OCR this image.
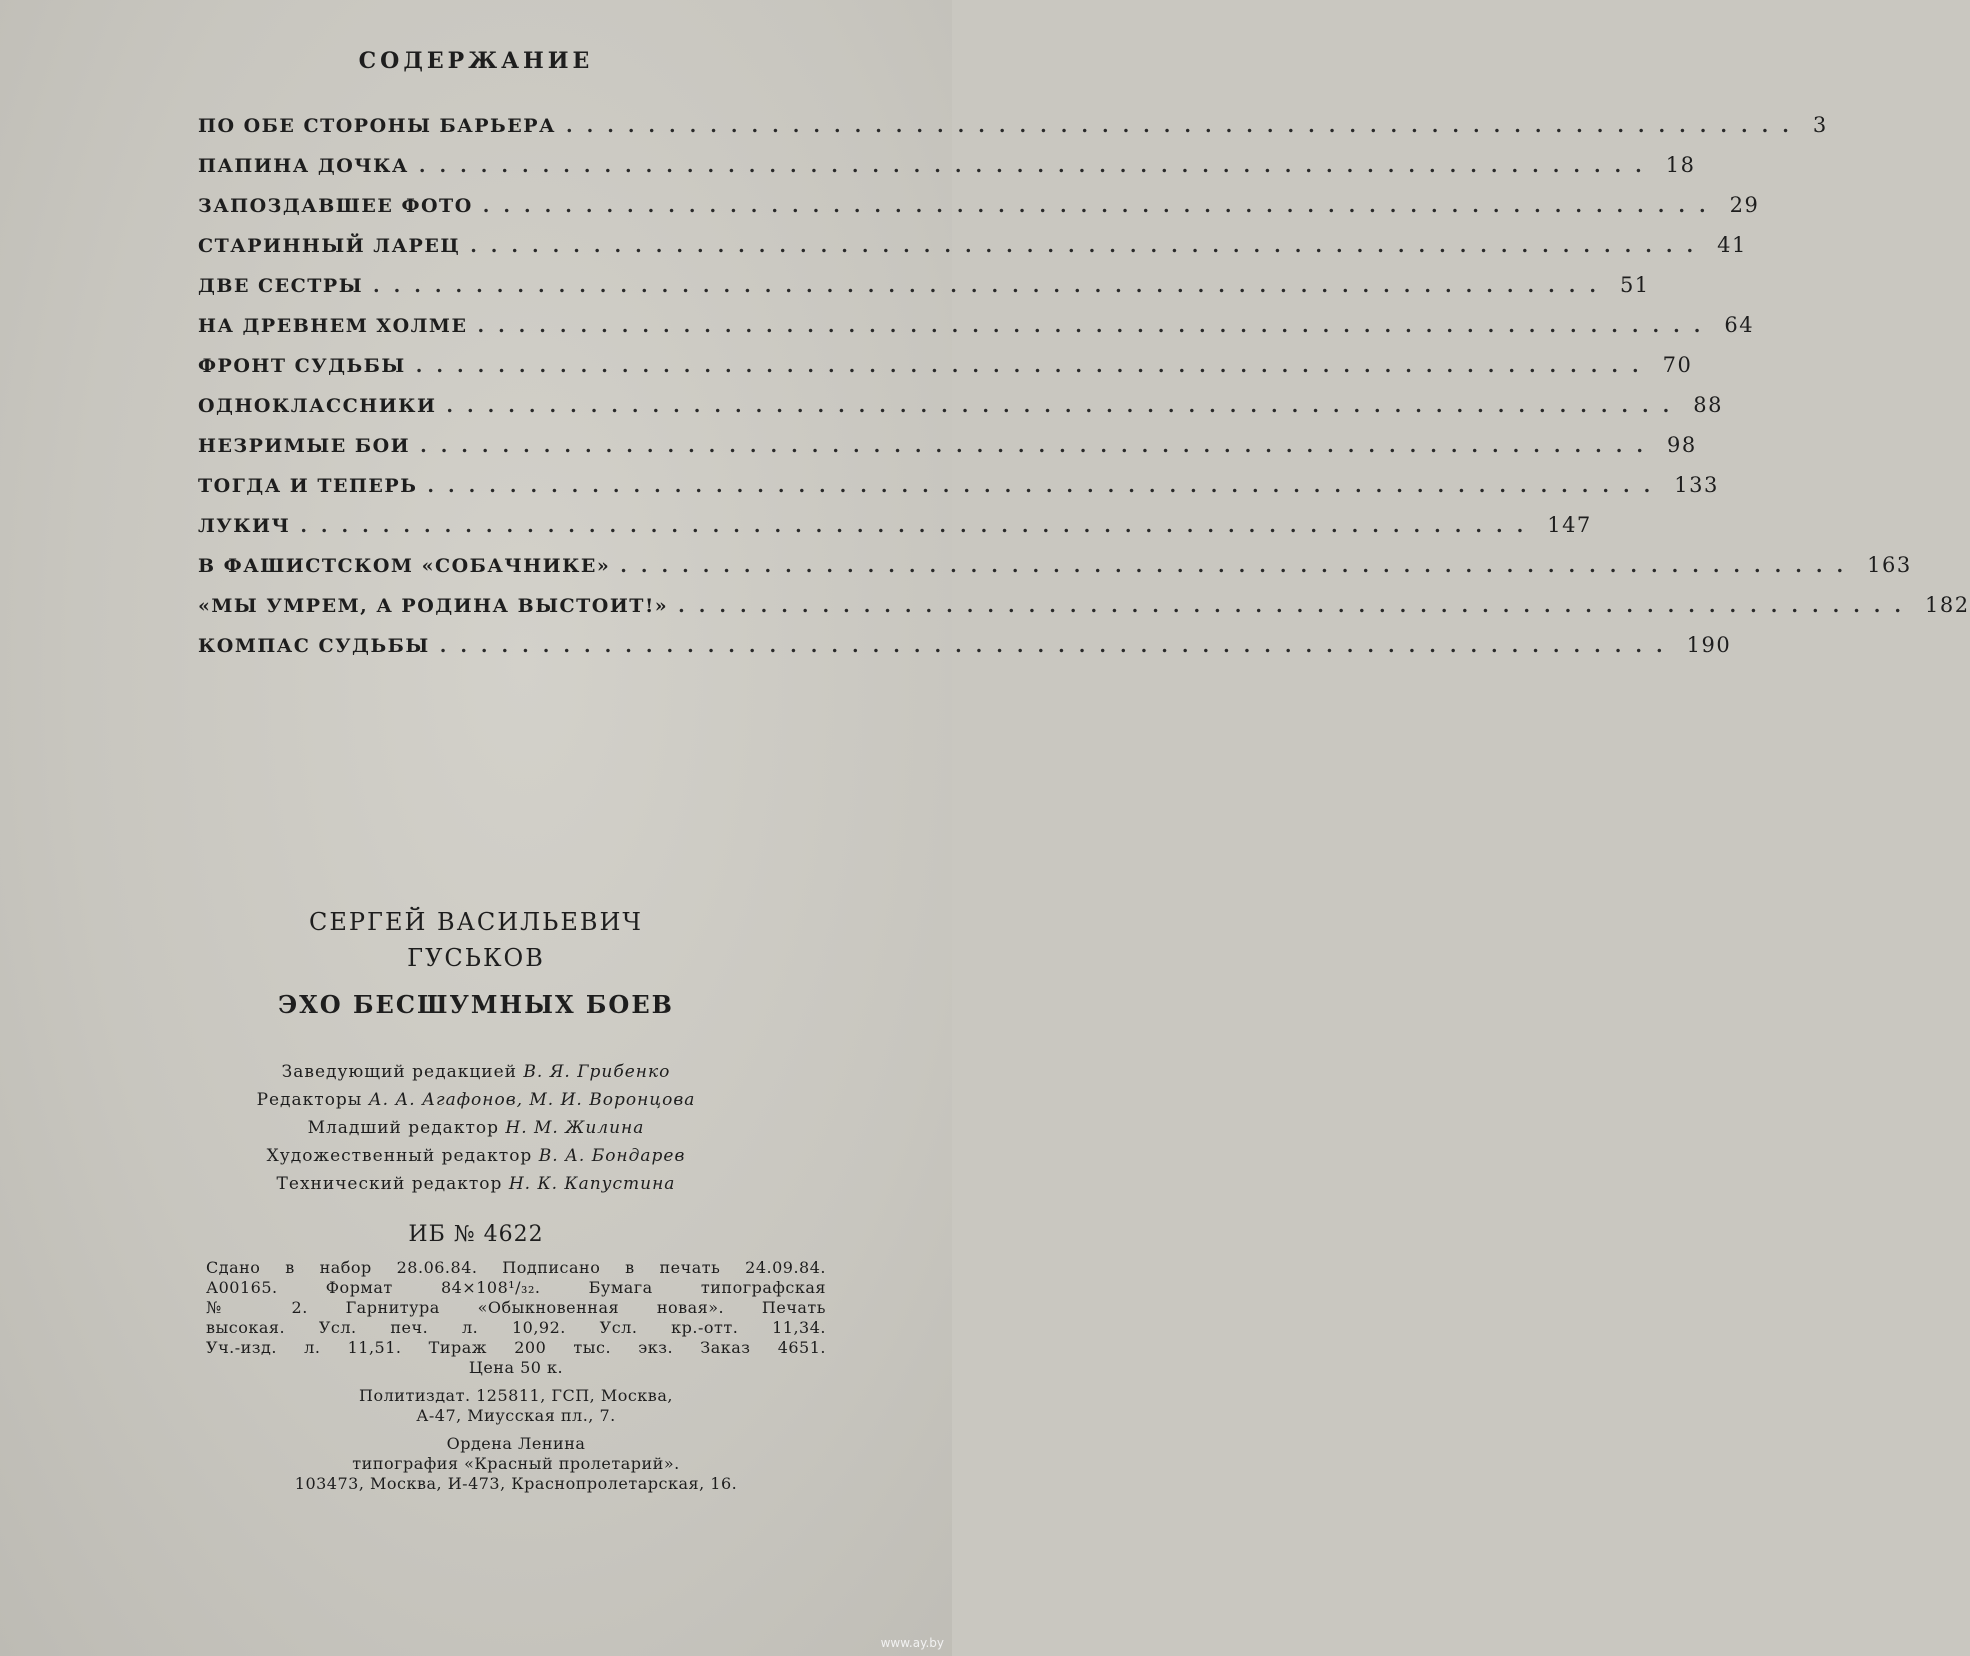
СОДЕРЖАНИЕ
ПО ОБЕ СТОРОНЫ БАРЬЕРА ............................................................ 3
ПАПИНА ДОЧКА ............................................................ 18
ЗАПОЗДАВШЕЕ ФОТО ............................................................ 29
СТАРИННЫЙ ЛАРЕЦ ............................................................ 41
ДВЕ СЕСТРЫ ............................................................ 51
НА ДРЕВНЕМ ХОЛМЕ ............................................................ 64
ФРОНТ СУДЬБЫ ............................................................ 70
ОДНОКЛАССНИКИ ............................................................ 88
НЕЗРИМЫЕ БОИ ............................................................ 98
ТОГДА И ТЕПЕРЬ ............................................................ 133
ЛУКИЧ ............................................................ 147
В ФАШИСТСКОМ «СОБАЧНИКЕ» ............................................................ 163
«МЫ УМРЕМ, А РОДИНА ВЫСТОИТ!» ............................................................ 182
КОМПАС СУДЬБЫ ............................................................ 190
СЕРГЕЙ ВАСИЛЬЕВИЧ
ГУСЬКОВ
ЭХО БЕСШУМНЫХ БОЕВ
Заведующий редакцией В. Я. Грибенко
Редакторы А. А. Агафонов, М. И. Воронцова
Младший редактор Н. М. Жилина
Художественный редактор В. А. Бондарев
Технический редактор Н. К. Капустина
ИБ № 4622
Сдано в набор 28.06.84. Подписано в печать 24.09.84.
А00165. Формат 84×108¹/₃₂. Бумага типографская
№ 2. Гарнитура «Обыкновенная новая». Печать
высокая. Усл. печ. л. 10,92. Усл. кр.-отт. 11,34.
Уч.-изд. л. 11,51. Тираж 200 тыс. экз. Заказ 4651.
Цена 50 к.
Политиздат. 125811, ГСП, Москва,
А-47, Миусская пл., 7.
Ордена Ленина
типография «Красный пролетарий».
103473, Москва, И-473, Краснопролетарская, 16.
www.ay.by
